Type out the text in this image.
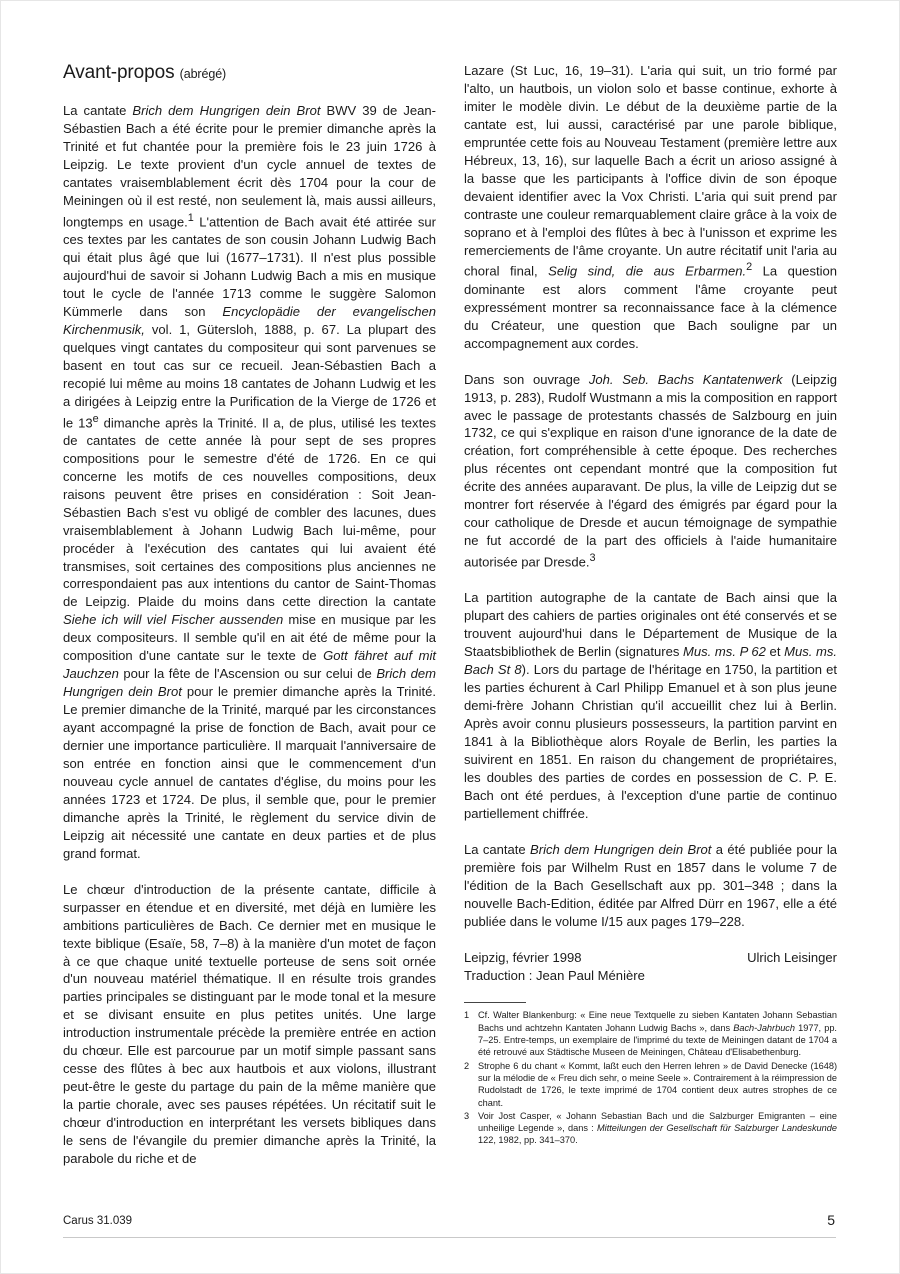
Avant-propos (abrégé)

La cantate Brich dem Hungrigen dein Brot BWV 39 de Jean-Sébastien Bach a été écrite pour le premier dimanche après la Trinité et fut chantée pour la première fois le 23 juin 1726 à Leipzig. Le texte provient d'un cycle annuel de textes de cantates vraisemblablement écrit dès 1704 pour la cour de Meiningen où il est resté, non seulement là, mais aussi ailleurs, longtemps en usage.$^1$ L'attention de Bach avait été attirée sur ces textes par les cantates de son cousin Johann Ludwig Bach qui était plus âgé que lui (1677–1731). Il n'est plus possible aujourd'hui de savoir si Johann Ludwig Bach a mis en musique tout le cycle de l'année 1713 comme le suggère Salomon Kümmerle dans son Encyclopädie der evangelischen Kirchenmusik, vol. 1, Gütersloh, 1888, p. 67. La plupart des quelques vingt cantates du compositeur qui sont parvenues se basent en tout cas sur ce recueil. Jean-Sébastien Bach a recopié lui même au moins 18 cantates de Johann Ludwig et les a dirigées à Leipzig entre la Purification de la Vierge de 1726 et le 13e dimanche après la Trinité. Il a, de plus, utilisé les textes de cantates de cette année là pour sept de ses propres compositions pour le semestre d'été de 1726. En ce qui concerne les motifs de ces nouvelles compositions, deux raisons peuvent être prises en considération : Soit Jean-Sébastien Bach s'est vu obligé de combler des lacunes, dues vraisemblablement à Johann Ludwig Bach lui-même, pour procéder à l'exécution des cantates qui lui avaient été transmises, soit certaines des compositions plus anciennes ne correspondaient pas aux intentions du cantor de Saint-Thomas de Leipzig. Plaide du moins dans cette direction la cantate Siehe ich will viel Fischer aussenden mise en musique par les deux compositeurs. Il semble qu'il en ait été de même pour la composition d'une cantate sur le texte de Gott fähret auf mit Jauchzen pour la fête de l'Ascension ou sur celui de Brich dem Hungrigen dein Brot pour le premier dimanche après la Trinité. Le premier dimanche de la Trinité, marqué par les circonstances ayant accompagné la prise de fonction de Bach, avait pour ce dernier une importance particulière. Il marquait l'anniversaire de son entrée en fonction ainsi que le commencement d'un nouveau cycle annuel de cantates d'église, du moins pour les années 1723 et 1724. De plus, il semble que, pour le premier dimanche après la Trinité, le règlement du service divin de Leipzig ait nécessité une cantate en deux parties et de plus grand format.

Le chœur d'introduction de la présente cantate, difficile à surpasser en étendue et en diversité, met déjà en lumière les ambitions particulières de Bach. Ce dernier met en musique le texte biblique (Esaïe, 58, 7–8) à la manière d'un motet de façon à ce que chaque unité textuelle porteuse de sens soit ornée d'un nouveau matériel thématique. Il en résulte trois grandes parties principales se distinguant par le mode tonal et la mesure et se divisant ensuite en plus petites unités. Une large introduction instrumentale précède la première entrée en action du chœur. Elle est parcourue par un motif simple passant sans cesse des flûtes à bec aux hautbois et aux violons, illustrant peut-être le geste du partage du pain de la même manière que la partie chorale, avec ses pauses répétées. Un récitatif suit le chœur d'introduction en interprétant les versets bibliques dans le sens de l'évangile du premier dimanche après la Trinité, la parabole du riche et de

Lazare (St Luc, 16, 19–31). L'aria qui suit, un trio formé par l'alto, un hautbois, un violon solo et basse continue, exhorte à imiter le modèle divin. Le début de la deuxième partie de la cantate est, lui aussi, caractérisé par une parole biblique, empruntée cette fois au Nouveau Testament (première lettre aux Hébreux, 13, 16), sur laquelle Bach a écrit un arioso assigné à la basse que les participants à l'office divin de son époque devaient identifier avec la Vox Christi. L'aria qui suit prend par contraste une couleur remarquablement claire grâce à la voix de soprano et à l'emploi des flûtes à bec à l'unisson et exprime les remerciements de l'âme croyante. Un autre récitatif unit l'aria au choral final, Selig sind, die aus Erbarmen.$^2$ La question dominante est alors comment l'âme croyante peut expressément montrer sa reconnaissance face à la clémence du Créateur, une question que Bach souligne par un accompagnement aux cordes.

Dans son ouvrage Joh. Seb. Bachs Kantatenwerk (Leipzig 1913, p. 283), Rudolf Wustmann a mis la composition en rapport avec le passage de protestants chassés de Salzbourg en juin 1732, ce qui s'explique en raison d'une ignorance de la date de création, fort compréhensible à cette époque. Des recherches plus récentes ont cependant montré que la composition fut écrite des années auparavant. De plus, la ville de Leipzig dut se montrer fort réservée à l'égard des émigrés par égard pour la cour catholique de Dresde et aucun témoignage de sympathie ne fut accordé de la part des officiels à l'aide humanitaire autorisée par Dresde.$^3$

La partition autographe de la cantate de Bach ainsi que la plupart des cahiers de parties originales ont été conservés et se trouvent aujourd'hui dans le Département de Musique de la Staatsbibliothek de Berlin (signatures Mus. ms. P 62 et Mus. ms. Bach St 8). Lors du partage de l'héritage en 1750, la partition et les parties échurent à Carl Philipp Emanuel et à son plus jeune demi-frère Johann Christian qu'il accueillit chez lui à Berlin. Après avoir connu plusieurs possesseurs, la partition parvint en 1841 à la Bibliothèque alors Royale de Berlin, les parties la suivirent en 1851. En raison du changement de propriétaires, les doubles des parties de cordes en possession de C. P. E. Bach ont été perdues, à l'exception d'une partie de continuo partiellement chiffrée.

La cantate Brich dem Hungrigen dein Brot a été publiée pour la première fois par Wilhelm Rust en 1857 dans le volume 7 de l'édition de la Bach Gesellschaft aux pp. 301–348 ; dans la nouvelle Bach-Edition, éditée par Alfred Dürr en 1967, elle a été publiée dans le volume I/15 aux pages 179–228.

Leipzig, février 1998	Ulrich Leisinger
Traduction : Jean Paul Ménière
1 Cf. Walter Blankenburg: « Eine neue Textquelle zu sieben Kantaten Johann Sebastian Bachs und achtzehn Kantaten Johann Ludwig Bachs », dans Bach-Jahrbuch 1977, pp. 7–25. Entre-temps, un exemplaire de l'imprimé du texte de Meiningen datant de 1704 a été retrouvé aux Städtische Museen de Meiningen, Château d'Elisabethenburg.
2 Strophe 6 du chant « Kommt, laßt euch den Herren lehren » de David Denecke (1648) sur la mélodie de « Freu dich sehr, o meine Seele ». Contrairement à la réimpression de Rudolstadt de 1726, le texte imprimé de 1704 contient deux autres strophes de ce chant.
3 Voir Jost Casper, « Johann Sebastian Bach und die Salzburger Emigranten – eine unheilige Legende », dans : Mitteilungen der Gesellschaft für Salzburger Landeskunde 122, 1982, pp. 341–370.
Carus 31.039	5
